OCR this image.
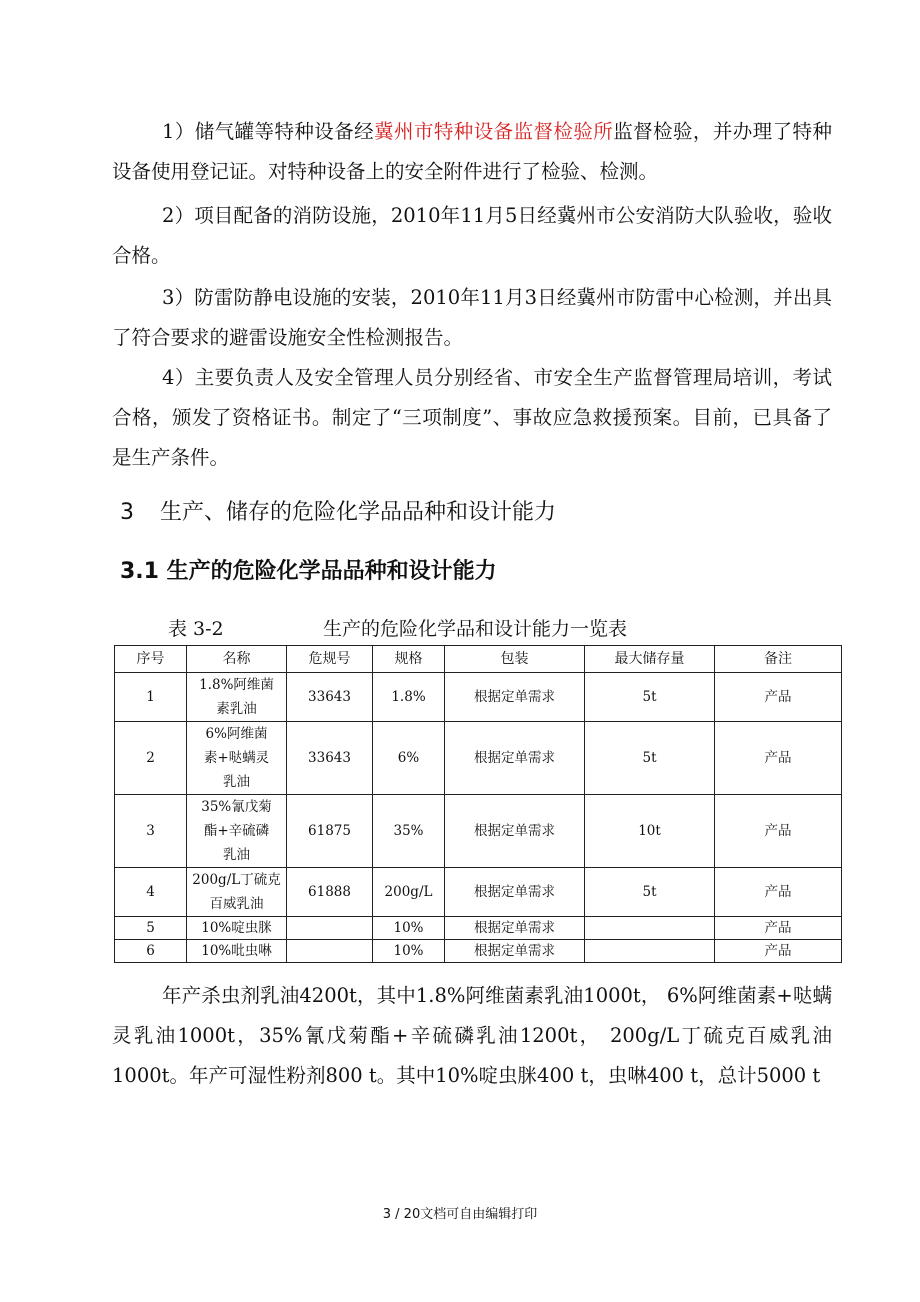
1）储气罐等特种设备经冀州市特种设备监督检验所监督检验，并办理了特种设备使用登记证。对特种设备上的安全附件进行了检验、检测。

2）项目配备的消防设施，2010年11月5日经冀州市公安消防大队验收，验收合格。

3）防雷防静电设施的安装，2010年11月3日经冀州市防雷中心检测，并出具了符合要求的避雷设施安全性检测报告。

4）主要负责人及安全管理人员分别经省、市安全生产监督管理局培训，考试合格，颁发了资格证书。制定了“三项制度”、事故应急救援预案。目前，已具备了是生产条件。

3 生产、储存的危险化学品品种和设计能力
3.1 生产的危险化学品品种和设计能力

表 3-2	生产的危险化学品和设计能力一览表

序号	名称	危规号	规格	包装	最大储存量	备注
1	1.8%阿维菌素乳油	33643	1.8%	根据定单需求	5t	产品
2	6%阿维菌素+哒螨灵乳油	33643	6%	根据定单需求	5t	产品
3	35%氰戊菊酯+辛硫磷乳油	61875	35%	根据定单需求	10t	产品
4	200g/L丁硫克百威乳油	61888	200g/L	根据定单需求	5t	产品
5	10%啶虫脒		10%	根据定单需求		产品
6	10%吡虫啉		10%	根据定单需求		产品

年产杀虫剂乳油4200t，其中1.8%阿维菌素乳油1000t， 6%阿维菌素+哒螨灵乳油1000t，35%氰戊菊酯+辛硫磷乳油1200t， 200g/L丁硫克百威乳油1000t。年产可湿性粉剂800 t。其中10%啶虫脒400 t，虫啉400 t，总计5000 t

3 / 20文档可自由编辑打印
